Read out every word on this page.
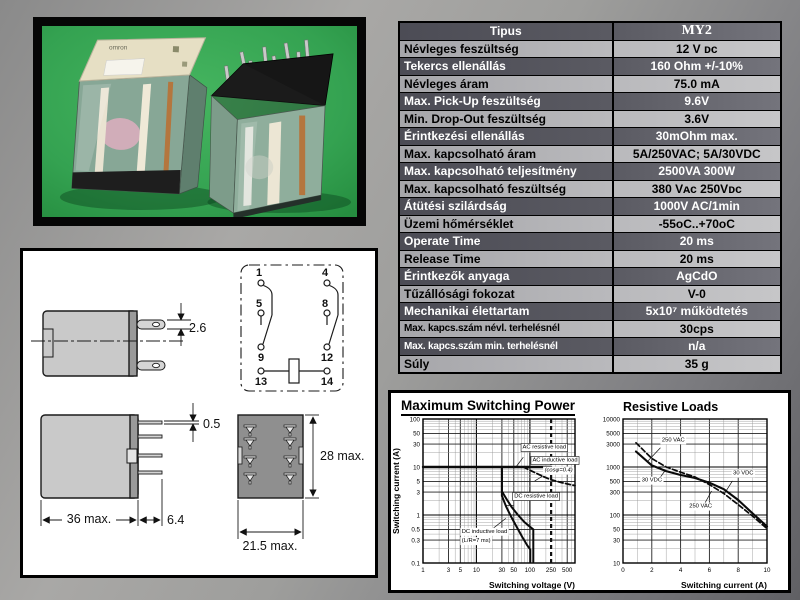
omron
Tipus	MY2
Névleges feszültség	12 V ᴅᴄ
Tekercs ellenállás	160 Ohm +/-10%
Névleges áram	75.0 mA
Max. Pick-Up feszültség	9.6V
Min. Drop-Out feszültség	3.6V
Érintkezési ellenállás	30mOhm max.
Max. kapcsolható áram	5A/250VAC; 5A/30VDC
Max. kapcsolható teljesítmény	2500VA 300W
Max. kapcsolható feszültség	380 Vᴀᴄ 250Vᴅᴄ
Átütési szilárdság	1000V AC/1min
Üzemi hőmérséklet	-55oC..+70oC
Operate Time	20 ms
Release Time	20 ms
Érintkezők anyaga	AgCdO
Tűzállósági fokozat	V-0
Mechanikai élettartam	5x10⁷ működtetés
Max. kapcs.szám névl. terhelésnél	30cps
Max. kapcs.szám min. terhelésnél	n/a
Súly	35 g
2.6
1	4
5	8
9	12
13	14
0.5
36 max.	6.4
28 max.
21.5 max.
Maximum Switching Power	Resistive Loads
1	3 5 10	30 50 100 250 500
100
50
30
10
5
3
1
0.5
0.3
0.1
Switching voltage (V)
Switching current (A)
AC resistive load
AC inductive load
(cosφ=0.4)
DC resistive load
DC inductive load
(L/R=7 ms)
0	2	4	6	8	10
10000
5000
3000
1000
500
300
100
50
30
10
Switching current (A)
250 VAC
30 VDC
30 VDC
250 VAC
